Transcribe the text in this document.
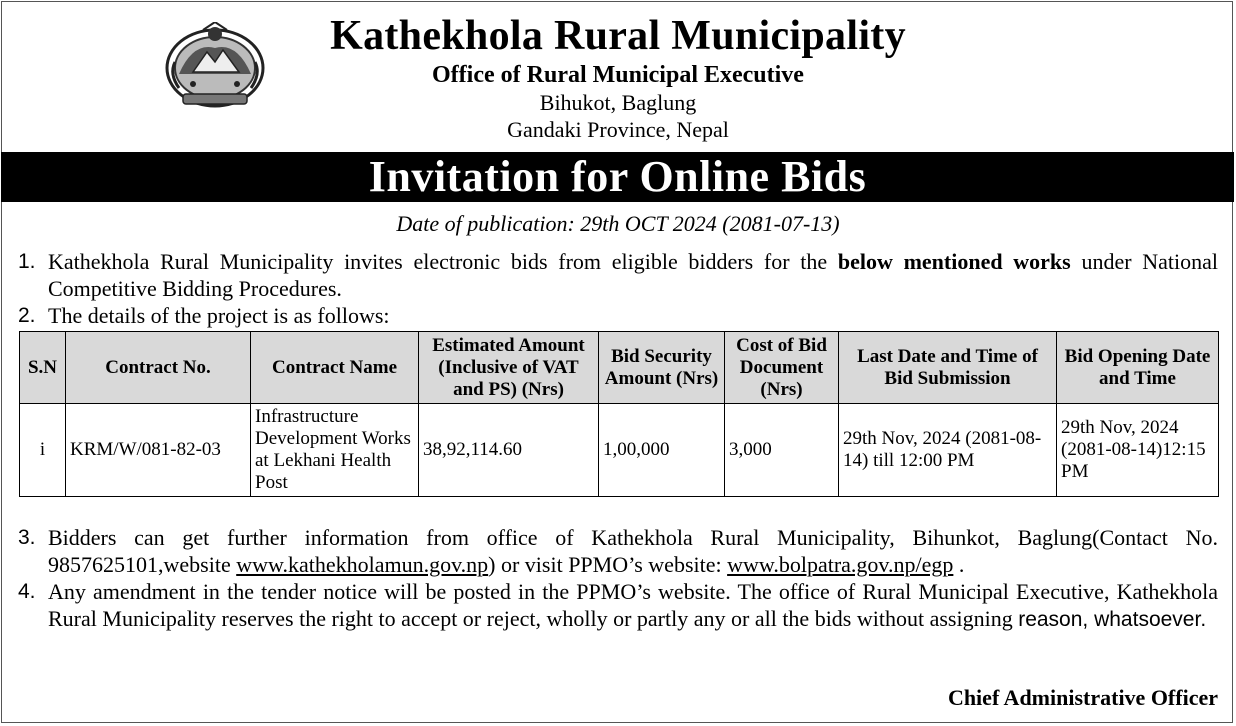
Kathekhola Rural Municipality
Office of Rural Municipal Executive
Bihukot, Baglung
Gandaki Province, Nepal
Invitation for Online Bids
Date of publication: 29th OCT 2024 (2081-07-13)
1. Kathekhola Rural Municipality invites electronic bids from eligible bidders for the below mentioned works under National Competitive Bidding Procedures.
2. The details of the project is as follows:
S.N	Contract No.	Contract Name	Estimated Amount (Inclusive of VAT and PS) (Nrs)	Bid Security Amount (Nrs)	Cost of Bid Document (Nrs)	Last Date and Time of Bid Submission	Bid Opening Date and Time
i	KRM/W/081-82-03	Infrastructure Development Works at Lekhani Health Post	38,92,114.60	1,00,000	3,000	29th Nov, 2024 (2081-08-14) till 12:00 PM	29th Nov, 2024 (2081-08-14)12:15 PM
3. Bidders can get further information from office of Kathekhola Rural Municipality, Bihunkot, Baglung(Contact No. 9857625101,website www.kathekholamun.gov.np) or visit PPMO’s website: www.bolpatra.gov.np/egp .
4. Any amendment in the tender notice will be posted in the PPMO’s website. The office of Rural Municipal Executive, Kathekhola Rural Municipality reserves the right to accept or reject, wholly or partly any or all the bids without assigning reason, whatsoever.
Chief Administrative Officer
